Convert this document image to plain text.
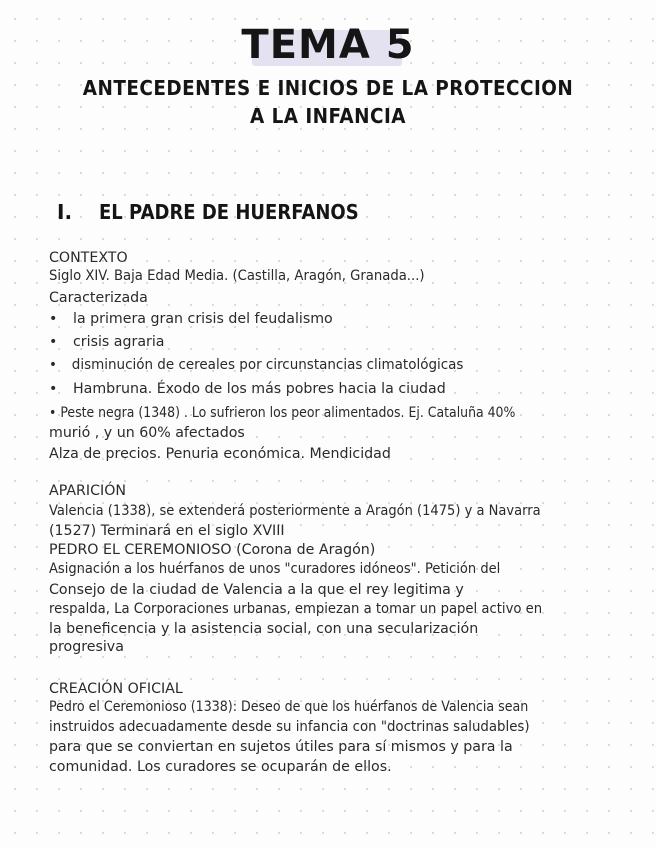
TEMA 5
ANTECEDENTES E INICIOS DE LA PROTECCION
A LA INFANCIA
I. EL PADRE DE HUERFANOS
CONTEXTO
Siglo XIV. Baja Edad Media. (Castilla, Aragón, Granada...)
Caracterizada
• la primera gran crisis del feudalismo
• crisis agraria
• disminución de cereales por circunstancias climatológicas
• Hambruna. Éxodo de los más pobres hacia la ciudad
• Peste negra (1348) . Lo sufrieron los peor alimentados. Ej. Cataluña 40%
murió , y un 60% afectados
Alza de precios. Penuria económica. Mendicidad
APARICIÓN
Valencia (1338), se extenderá posteriormente a Aragón (1475) y a Navarra
(1527) Terminará en el siglo XVIII
PEDRO EL CEREMONIOSO (Corona de Aragón)
Asignación a los huérfanos de unos "curadores idóneos". Petición del
Consejo de la ciudad de Valencia a la que el rey legitima y
respalda, La Corporaciones urbanas, empiezan a tomar un papel activo en
la beneficencia y la asistencia social, con una secularización
progresiva
CREACIÓN OFICIAL
Pedro el Ceremonioso (1338): Deseo de que los huérfanos de Valencia sean
instruidos adecuadamente desde su infancia con "doctrinas saludables)
para que se conviertan en sujetos útiles para sí mismos y para la
comunidad. Los curadores se ocuparán de ellos.
